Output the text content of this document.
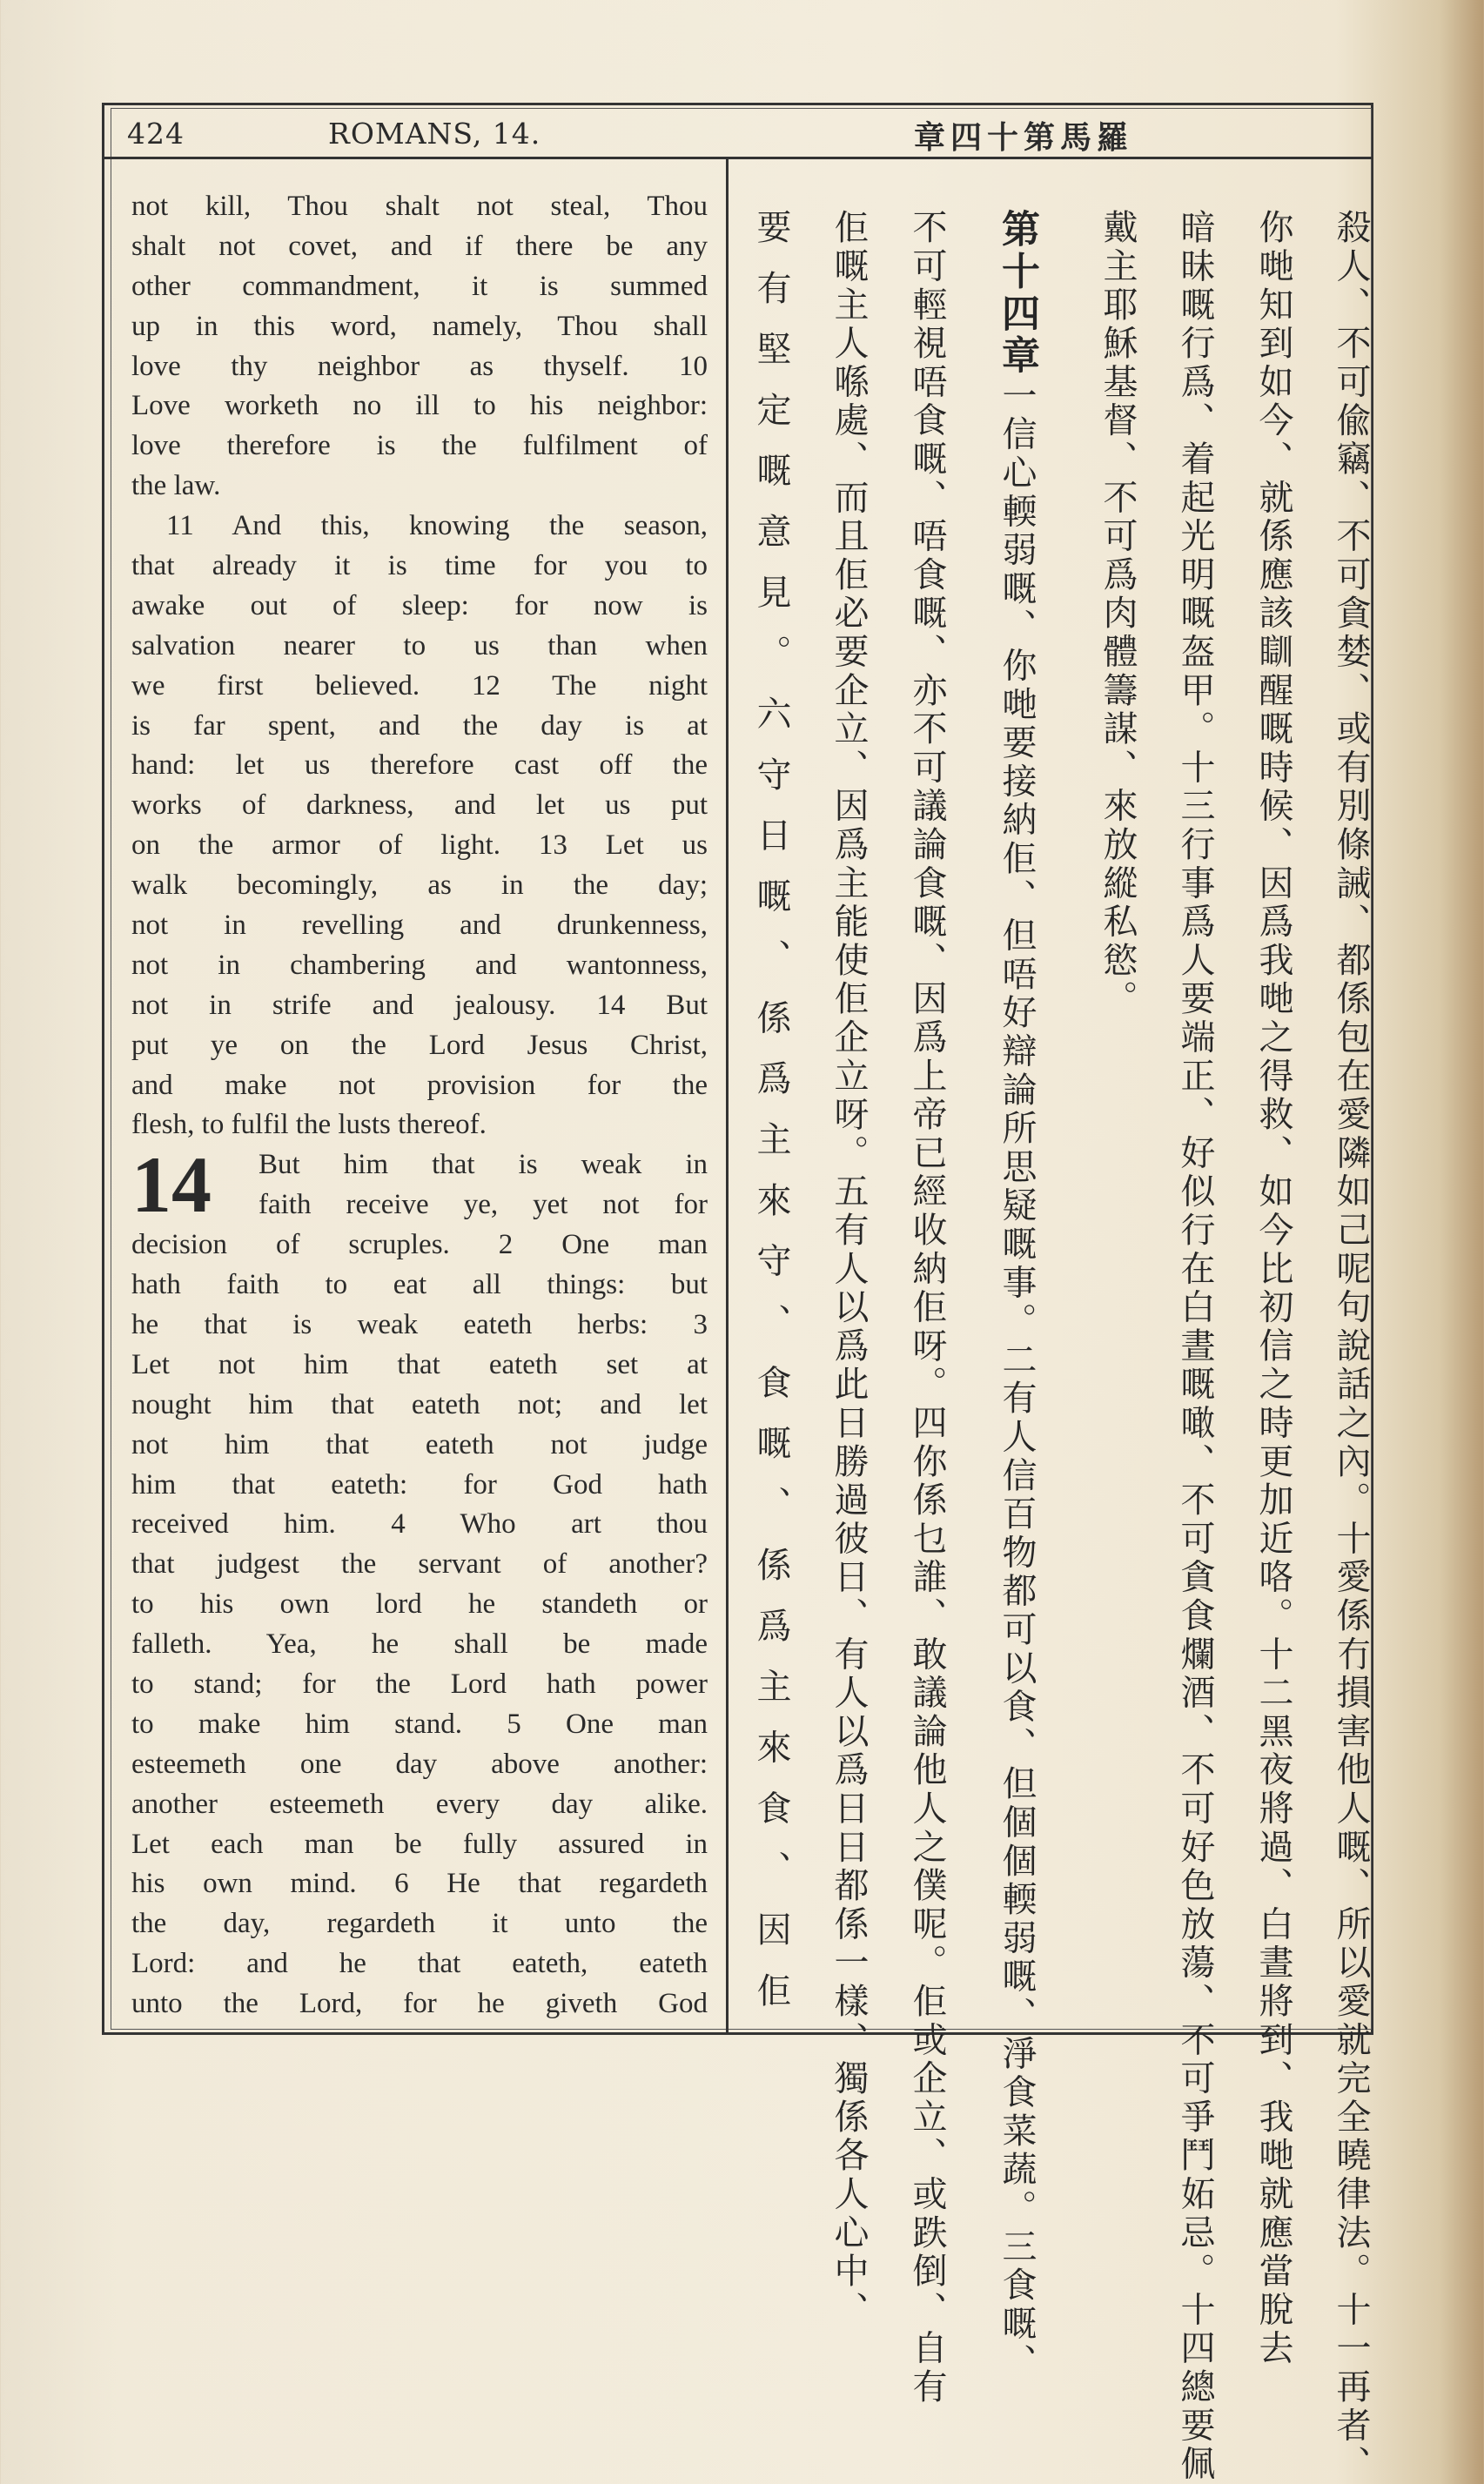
424	ROMANS, 14.	章四十第馬羅
14
not kill, Thou shalt not steal, Thou
shalt not covet, and if there be any
other commandment, it is summed
up in this word, namely, Thou shall
love thy neighbor as thyself. 10
Love worketh no ill to his neighbor:
love therefore is the fulfilment of
the law.
11 And this, knowing the season,
that already it is time for you to
awake out of sleep: for now is
salvation nearer to us than when
we first believed. 12 The night
is far spent, and the day is at
hand: let us therefore cast off the
works of darkness, and let us put
on the armor of light. 13 Let us
walk becomingly, as in the day;
not in revelling and drunkenness,
not in chambering and wantonness,
not in strife and jealousy. 14 But
put ye on the Lord Jesus Christ,
and make not provision for the
flesh, to fulfil the lusts thereof.
But him that is weak in
faith receive ye, yet not for
decision of scruples. 2 One man
hath faith to eat all things: but
he that is weak eateth herbs: 3
Let not him that eateth set at
nought him that eateth not; and let
not him that eateth not judge
him that eateth: for God hath
received him. 4 Who art thou
that judgest the servant of another?
to his own lord he standeth or
falleth. Yea, he shall be made
to stand; for the Lord hath power
to make him stand. 5 One man
esteemeth one day above another:
another esteemeth every day alike.
Let each man be fully assured in
his own mind. 6 He that regardeth
the day, regardeth it unto the
Lord: and he that eateth, eateth
unto the Lord, for he giveth God	殺人、不可偸竊、不可貪婪、或有別條誡、都係包在愛隣如己呢句說話之內。十愛係冇損害他人嘅、所以愛就完全曉律法。十一再者、
你哋知到如今、就係應該瞓醒嘅時候、因爲我哋之得救、如今比初信之時更加近咯。十二黑夜將過、白晝將到、我哋就應當脫去
暗昧嘅行爲、着起光明嘅盔甲。十三行事爲人要端正、好似行在白晝嘅噉、不可貪食爛酒、不可好色放蕩、不可爭鬥妬忌。十四總要佩
戴主耶穌基督、不可爲肉體籌謀、來放縱私慾。
第十四章一信心輭弱嘅、你哋要接納佢、但唔好辯論所思疑嘅事。二有人信百物都可以食、但個個輭弱嘅、淨食菜蔬。三食嘅、
不可輕視唔食嘅、唔食嘅、亦不可議論食嘅、因爲上帝已經收納佢呀。四你係乜誰、敢議論他人之僕呢。佢或企立、或跌倒、自有
佢嘅主人喺處、而且佢必要企立、因爲主能使佢企立呀。五有人以爲此日勝過彼日、有人以爲日日都係一樣、獨係各人心中、
要有堅定嘅意見。六守日嘅、係爲主來守、食嘅、係爲主來食、因佢
